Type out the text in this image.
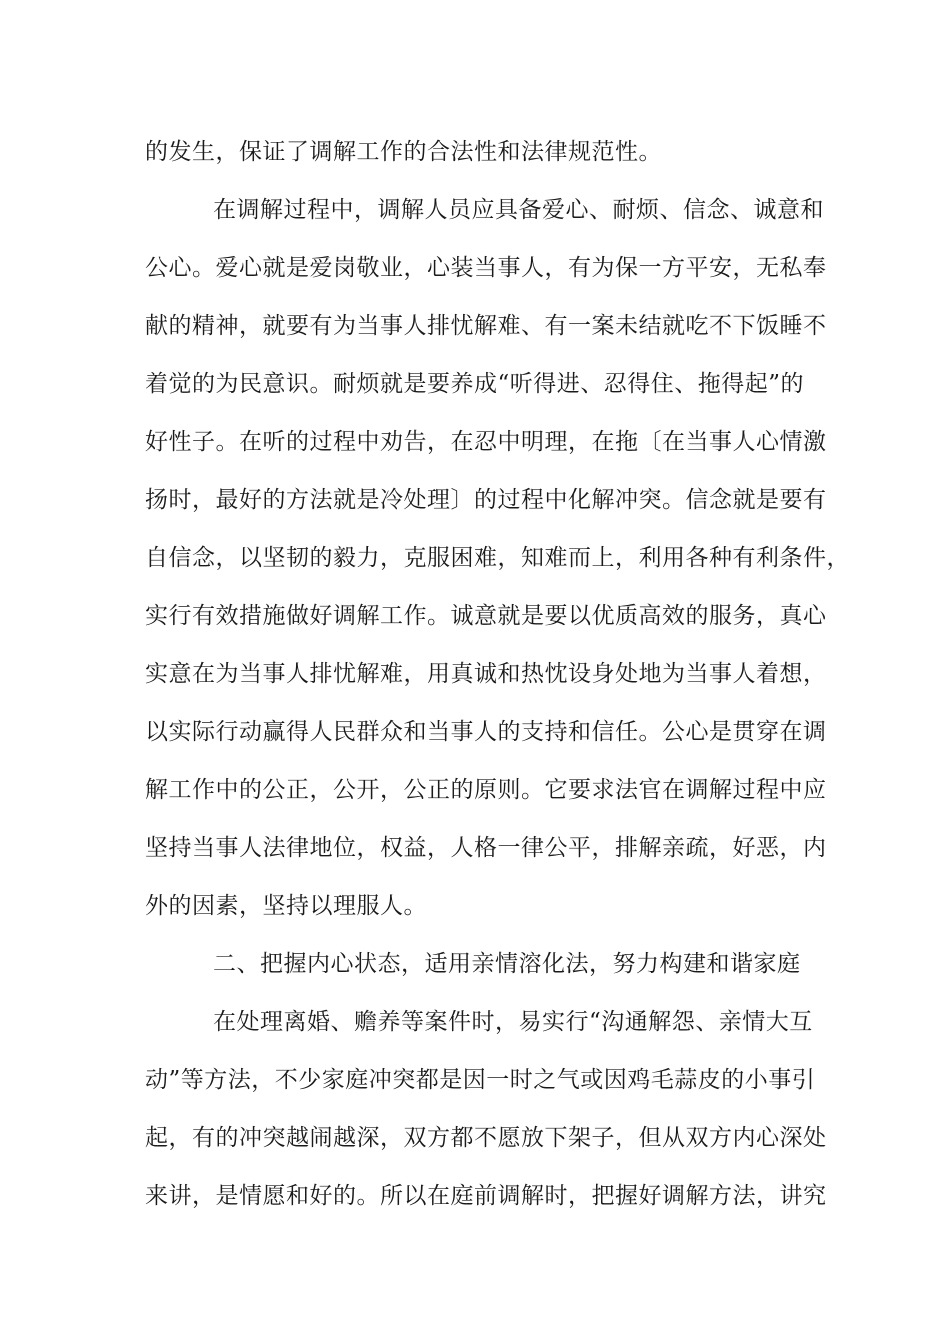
的发生，保证了调解工作的合法性和法律规范性。
在调解过程中，调解人员应具备爱心、耐烦、信念、诚意和
公心。爱心就是爱岗敬业，心装当事人，有为保一方平安，无私奉
献的精神，就要有为当事人排忧解难、有一案未结就吃不下饭睡不
着觉的为民意识。耐烦就是要养成“听得进、忍得住、拖得起”的
好性子。在听的过程中劝告，在忍中明理，在拖〔在当事人心情激
扬时，最好的方法就是冷处理〕的过程中化解冲突。信念就是要有
自信念，以坚韧的毅力，克服困难，知难而上，利用各种有利条件，
实行有效措施做好调解工作。诚意就是要以优质高效的服务，真心
实意在为当事人排忧解难，用真诚和热忱设身处地为当事人着想，
以实际行动赢得人民群众和当事人的支持和信任。公心是贯穿在调
解工作中的公正，公开，公正的原则。它要求法官在调解过程中应
坚持当事人法律地位，权益，人格一律公平，排解亲疏，好恶，内
外的因素，坚持以理服人。
二、把握内心状态，适用亲情溶化法，努力构建和谐家庭
在处理离婚、赡养等案件时，易实行“沟通解怨、亲情大互
动”等方法，不少家庭冲突都是因一时之气或因鸡毛蒜皮的小事引
起，有的冲突越闹越深，双方都不愿放下架子，但从双方内心深处
来讲，是情愿和好的。所以在庭前调解时，把握好调解方法，讲究
